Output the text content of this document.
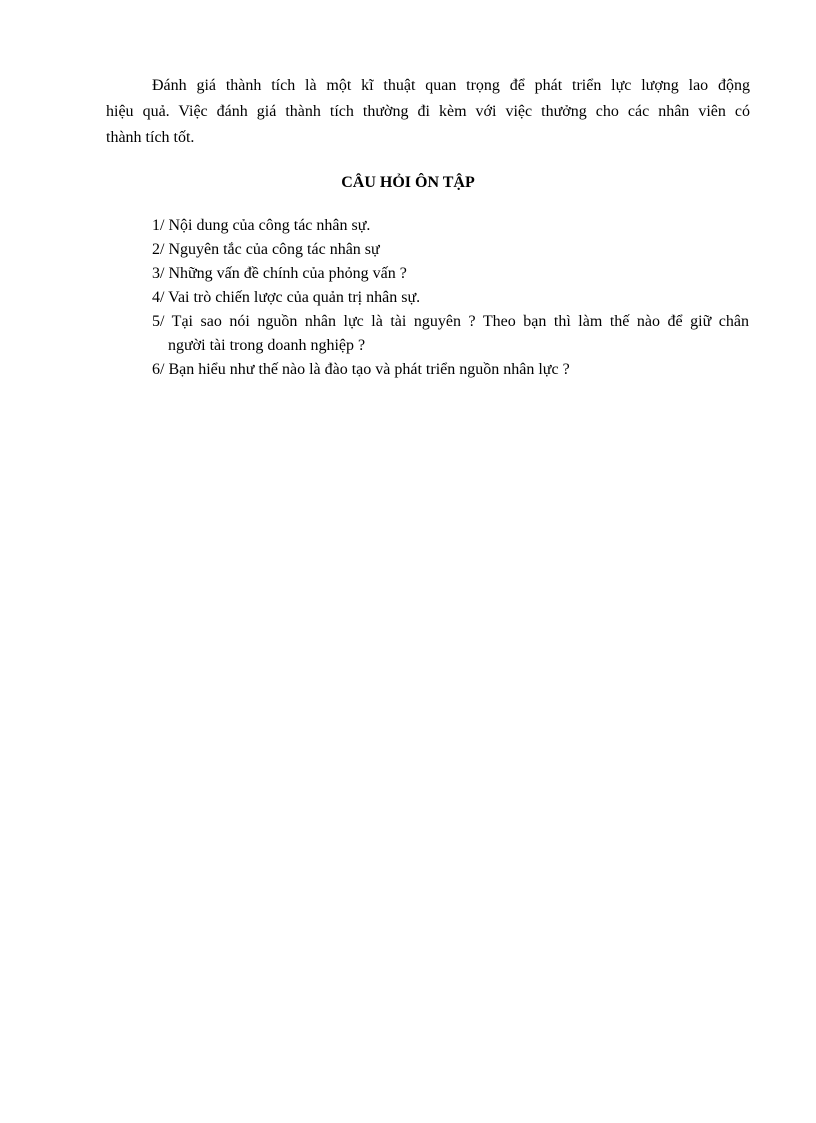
Đánh giá thành tích là một kĩ thuật quan trọng để phát triển lực lượng lao động
hiệu quả. Việc đánh giá thành tích thường đi kèm với việc thưởng cho các nhân viên có
thành tích tốt.

CÂU HỎI ÔN TẬP
1/ Nội dung của công tác nhân sự.
2/ Nguyên tắc của công tác nhân sự
3/ Những vấn đề chính của phỏng vấn ?
4/ Vai trò chiến lược của quản trị nhân sự.
5/ Tại sao nói nguồn nhân lực là tài nguyên ? Theo bạn thì làm thế nào để giữ chân
người tài trong doanh nghiệp ?
6/ Bạn hiểu như thế nào là đào tạo và phát triển nguồn nhân lực ?
